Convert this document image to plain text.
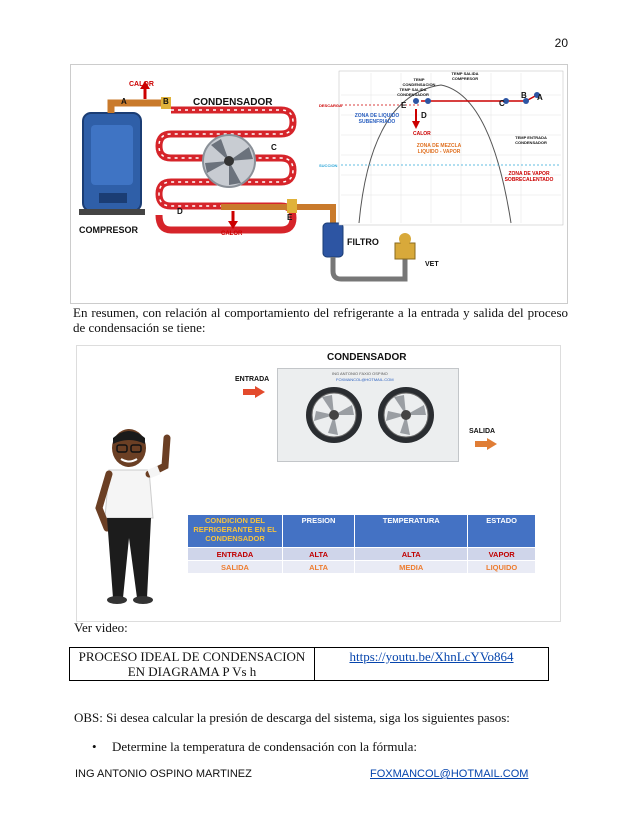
20
CALOR
A	B CONDENSADOR
C
D
E
COMPRESOR	CALOR
FILTRO
VET
TEMP CONDENSACION
TEMP SALIDA COMPRESOR
TEMP SALIDA CONDENSADOR
DESCARGA
ZONA DE LIQUIDO SUBENFRIADO
ZONA DE MEZCLA LIQUIDO - VAPOR
SUCCION
ZONA DE VAPOR SOBRECALENTADO
TEMP ENTRADA CONDENSADOR
CALOR
E
D
C
B A
En resumen, con relación al comportamiento del refrigerante a la entrada y salida del proceso de condensación se tiene:
CONDENSADOR
ENTRADA
SALIDA
ING ANTONIO FAXIO OSPINO
FOXMANCOL@HOTMAIL.COM
CONDICION DEL REFRIGERANTE EN EL CONDENSADOR	PRESION	TEMPERATURA	ESTADO
ENTRADA	ALTA	ALTA	VAPOR
SALIDA	ALTA	MEDIA	LIQUIDO
Ver video:
PROCESO IDEAL DE CONDENSACION
EN DIAGRAMA P Vs h
	https://youtu.be/XhnLcYVo864
OBS: Si desea calcular la presión de descarga del sistema, siga los siguientes pasos:
• Determine la temperatura de condensación con la fórmula:
ING ANTONIO OSPINO MARTINEZ	FOXMANCOL@HOTMAIL.COM
